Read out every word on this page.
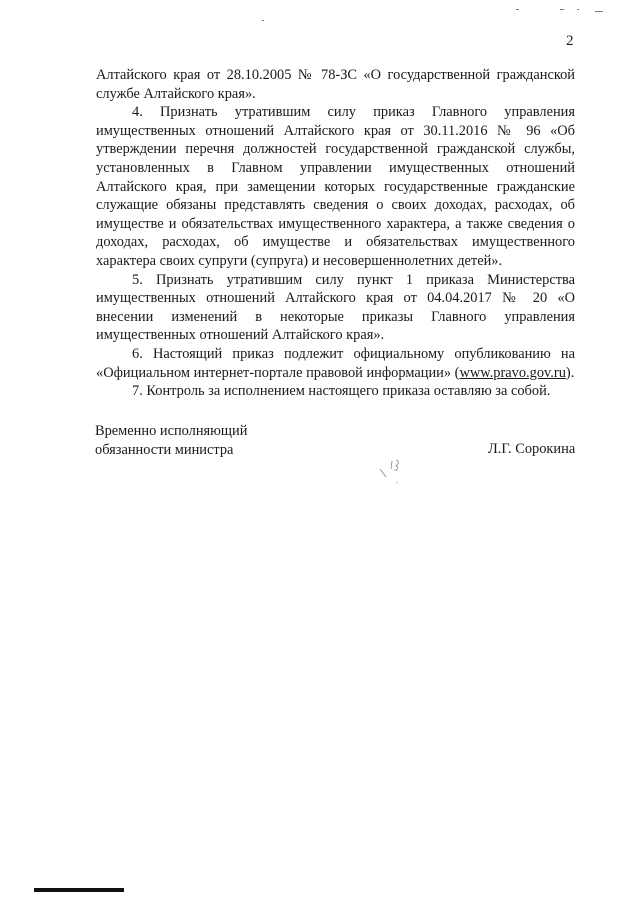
2

Алтайского края от 28.10.2005 № 78-ЗС «О государственной гражданской службе Алтайского края».

4. Признать утратившим силу приказ Главного управления имущественных отношений Алтайского края от 30.11.2016 № 96 «Об утверждении перечня должностей государственной гражданской службы, установленных в Главном управлении имущественных отношений Алтайского края, при замещении которых государственные гражданские служащие обязаны представлять сведения о своих доходах, расходах, об имуществе и обязательствах имущественного характера, а также сведения о доходах, расходах, об имуществе и обязательствах имущественного характера своих супруги (супруга) и несовершеннолетних детей».

5. Признать утратившим силу пункт 1 приказа Министерства имущественных отношений Алтайского края от 04.04.2017 № 20 «О внесении изменений в некоторые приказы Главного управления имущественных отношений Алтайского края».

6. Настоящий приказ подлежит официальному опубликованию на «Официальном интернет-портале правовой информации» (www.pravo.gov.ru).

7. Контроль за исполнением настоящего приказа оставляю за собой.

Временно исполняющий
обязанности министра	Л.Г. Сорокина
